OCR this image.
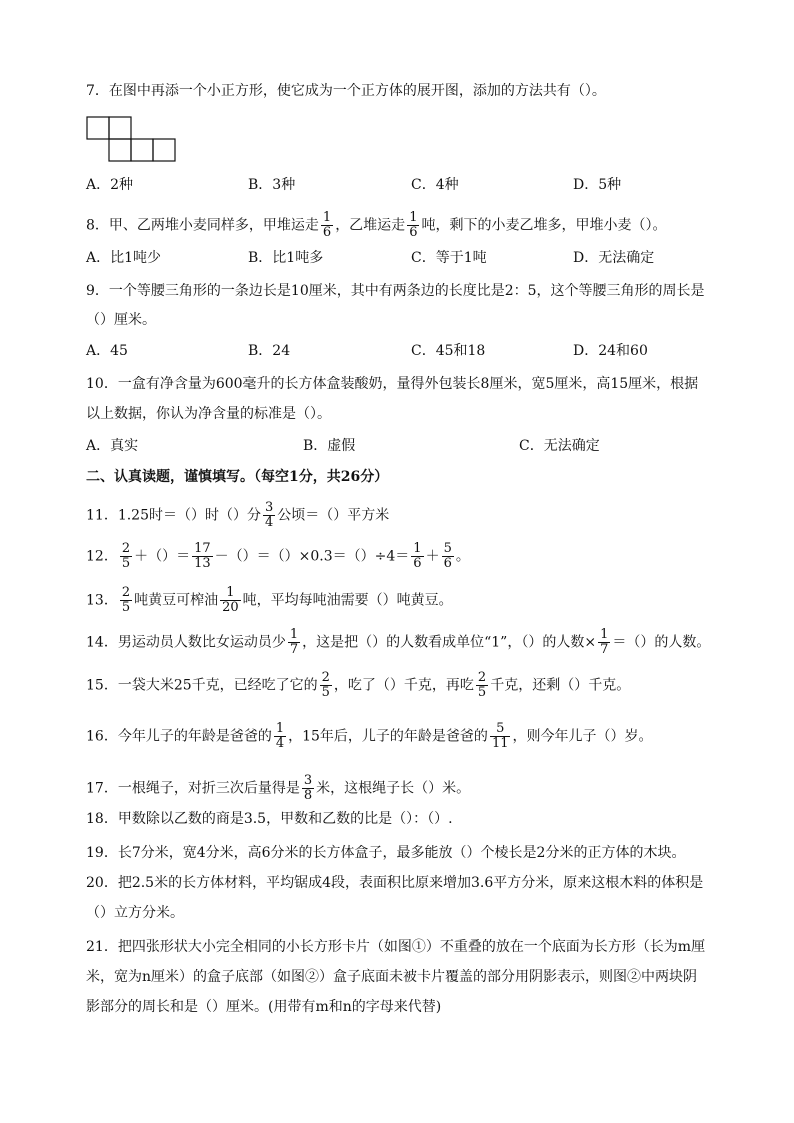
7．在图中再添一个小正方形，使它成为一个正方体的展开图，添加的方法共有（）。
A．2种	B．3种	C．4种	D．5种
8．甲、乙两堆小麦同样多，甲堆运走 $\frac{1}{6}$ ，乙堆运走 $\frac{1}{6}$ 吨，剩下的小麦乙堆多，甲堆小麦（）。
A．比1吨少	B．比1吨多	C．等于1吨	D．无法确定
9．一个等腰三角形的一条边长是10厘米，其中有两条边的长度比是2：5，这个等腰三角形的周长是
（）厘米。
A．45	B．24	C．45和18	D．24和60
10．一盒有净含量为600毫升的长方体盒装酸奶，量得外包装长8厘米，宽5厘米，高15厘米，根据
以上数据，你认为净含量的标准是（）。
A．真实	B．虚假	C．无法确定
二、认真读题，谨慎填写。（每空1分，共26分）
11．1.25时＝（）时（）分 $\frac{3}{4}$ 公顷＝（）平方米
12． $\frac{2}{5}$ ＋（）＝ $\frac{17}{13} -()=()\times 0.3=()\div 4= \frac{1}{6} + \frac{5}{6}$ 。
13． $\frac{2}{5}$ 吨黄豆可榨油 $\frac{1}{20}$ 吨，平均每吨油需要（）吨黄豆。
14．男运动员人数比女运动员少 $\frac{1}{7}$ ，这是把（）的人数看成单位“1”，（）的人数× $\frac{1}{7}$ ＝（）的人数。
15．一袋大米25千克，已经吃了它的 $\frac{2}{5}$ ，吃了（）千克，再吃 $\frac{2}{5}$ 千克，还剩（）千克。
16．今年儿子的年龄是爸爸的 $\frac{1}{4}$ ，15年后，儿子的年龄是爸爸的 $\frac{5}{11}$ ，则今年儿子（）岁。
17．一根绳子，对折三次后量得是 $\frac{3}{8}$ 米，这根绳子长（）米。
18．甲数除以乙数的商是3.5，甲数和乙数的比是（）：（）.
19．长7分米，宽4分米，高6分米的长方体盒子，最多能放（）个棱长是2分米的正方体的木块。
20．把2.5米的长方体材料，平均锯成4段，表面积比原来增加3.6平方分米，原来这根木料的体积是
（）立方分米。
21．把四张形状大小完全相同的小长方形卡片（如图①）不重叠的放在一个底面为长方形（长为m厘
米，宽为n厘米）的盒子底部（如图②）盒子底面未被卡片覆盖的部分用阴影表示，则图②中两块阴
影部分的周长和是（）厘米。(用带有m和n的字母来代替)
